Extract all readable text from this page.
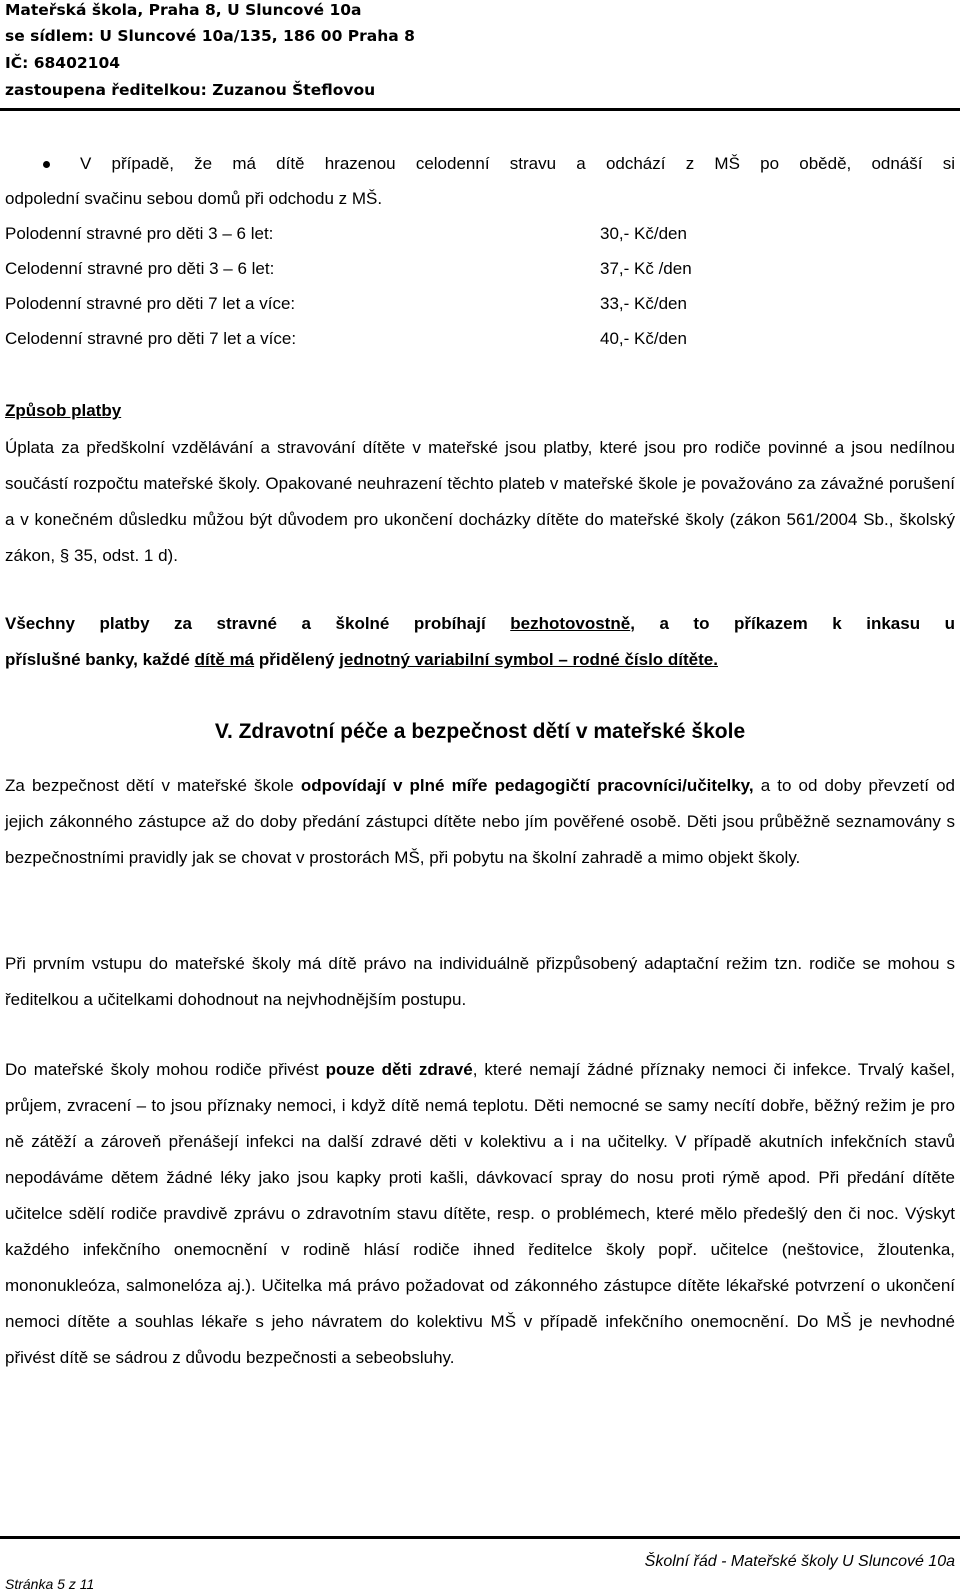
Mateřská škola, Praha 8, U Slunc​ové 10a
se sídlem: U Sluncové 10a/135, 186 00 Praha 8
IČ: 68402104
zastoupena ředitelkou: Zuzanou Šteflovou
V případě, že má dítě hrazenou celodenní stravu a odchází z MŠ po obědě, odnáší si
odpolední svačinu sebou domů při odchodu z MŠ.
Polodenní stravné pro děti 3 – 6 let:	30,- Kč/den
Celodenní stravné pro děti 3 – 6 let:	37,- Kč /den
Polodenní stravné pro děti 7 let a více:	33,- Kč/den
Celodenní stravné pro děti 7 let a více:	40,- Kč/den
Způsob platby
Úplata za předškolní vzdělávání a stravování dítěte v mateřské jsou platby, které jsou pro rodiče povinné a jsou nedílnou součástí rozpočtu mateřské školy. Opakované neuhrazení těchto plateb v mateřské škole je považováno za závažné porušení a v konečném důsledku můžou být důvodem pro ukončení docházky dítěte do mateřské školy (zákon 561/2004 Sb., školský zákon, § 35, odst. 1 d).
Všechny platby za stravné a školné probíhají bezhotovostně, a to příkazem k inkasu u
příslušné banky, každé dítě má přidělený jednotný variabilní symbol – rodné číslo dítěte.
V. Zdravotní péče a bezpečnost dětí v mateřské škole
Za bezpečnost dětí v mateřské škole odpovídají v plné míře pedagogičtí pracovníci/učitelky, a to od doby převzetí od jejich zákonného zástupce až do doby předání zástupci dítěte nebo jím pověřené osobě. Děti jsou průběžně seznamovány s bezpečnostními pravidly jak se chovat v prostorách MŠ, při pobytu na školní zahradě a mimo objekt školy.
Při prvním vstupu do mateřské školy má dítě právo na individuálně přizpůsobený adaptační režim tzn. rodiče se mohou s ředitelkou a učitelkami dohodnout na nejvhodnějším postupu.
Do mateřské školy mohou rodiče přivést pouze děti zdravé, které nemají žádné příznaky nemoci či infekce. Trvalý kašel, průjem, zvracení – to jsou příznaky nemoci, i když dítě nemá teplotu. Děti nemocné se samy necítí dobře, běžný režim je pro ně zátěží a zároveň přenášejí infekci na další zdravé děti v kolektivu a i na učitelky. V případě akutních infekčních stavů nepodáváme dětem žádné léky jako jsou kapky proti kašli, dávkovací spray do nosu proti rýmě apod. Při předání dítěte učitelce sdělí rodiče pravdivě zprávu o zdravotním stavu dítěte, resp. o problémech, které mělo předešlý den či noc. Výskyt každého infekčního onemocnění v rodině hlásí rodiče ihned ředitelce školy popř. učitelce (neštovice, žloutenka, mononukleóza, salmonelóza aj.). Učitelka má právo požadovat od zákonného zástupce dítěte lékařské potvrzení o ukončení nemoci dítěte a souhlas lékaře s jeho návratem do kolektivu MŠ v případě infekčního onemocnění. Do MŠ je nevhodné přivést dítě se sádrou z důvodu bezpečnosti a sebeobsluhy.
Školní řád - Mateřské školy U Sluncové 10a
Stránka 5 z 11
